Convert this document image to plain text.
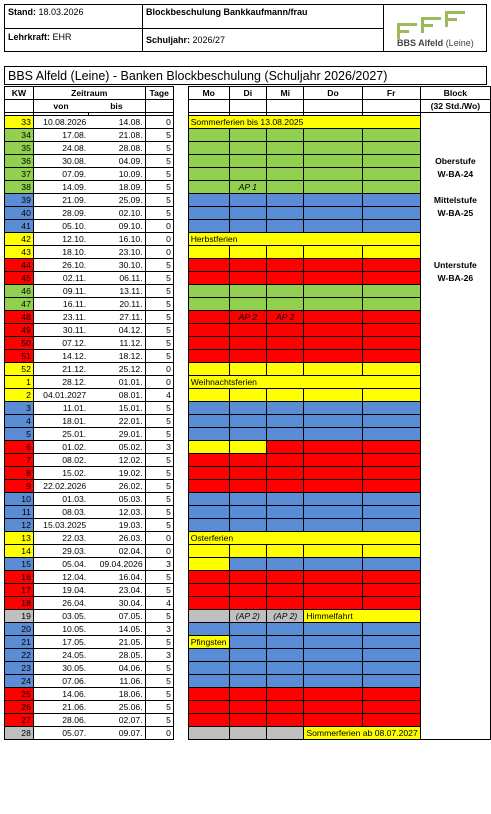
Stand: 18.03.2026	Blockbeschulung Bankkaufmann/frau
Lehrkraft: EHR	Schuljahr: 2026/27	BBS Alfeld (Leine)
BBS Alfeld (Leine) - Banken Blockbeschulung (Schuljahr 2026/2027)
KW	Zeitraum		Tage		Mo	Di	Mi	Do	Fr	Block
	von	bis								(32 Std./Wo)

33	10.08.2026	14.08.	0		Sommerferien bis 13.08.2025					
34	17.08.	21.08.	5							
35	24.08.	28.08.	5							
36	30.08.	04.09.	5							Oberstufe
37	07.09.	10.09.	5							W-BA-24
38	14.09.	18.09.	5			AP 1				
39	21.09.	25.09.	5							Mittelstufe
40	28.09.	02.10.	5							W-BA-25
41	05.10.	09.10.	0							
42	12.10.	16.10.	0		Herbstferien					
43	18.10.	23.10.	0							
44	26.10.	30.10.	5							Unterstufe
45	02.11.	06.11.	5							W-BA-26
46	09.11.	13.11.	5							
47	16.11.	20.11.	5							
48	23.11.	27.11.	5			AP 2	AP 2			
49	30.11.	04.12.	5							
50	07.12.	11.12.	5							
51	14.12.	18.12.	5							
52	21.12.	25.12.	0							
1	28.12.	01.01.	0		Weihnachtsferien					
2	04.01.2027	08.01.	4							
3	11.01.	15.01.	5							
4	18.01.	22.01.	5							
5	25.01.	29.01.	5							
6	01.02.	05.02.	3							
7	08.02.	12.02.	5							
8	15.02.	19.02.	5							
9	22.02.2026	26.02.	5							
10	01.03.	05.03.	5							
11	08.03.	12.03.	5							
12	15.03.2025	19.03.	5							
13	22.03.	26.03.	0		Osterferien					
14	29.03.	02.04.	0							
15	05.04.	09.04.2026	3							
16	12.04.	16.04.	5							
17	19.04.	23.04.	5							
18	26.04.	30.04.	4							
19	03.05.	07.05.	5			(AP 2)	(AP 2)	Himmelfahrt		
20	10.05.	14.05.	3							
21	17.05.	21.05.	5		Pfingsten					
22	24.05.	28.05.	3							
23	30.05.	04.06.	5							
24	07.06.	11.06.	5							
25	14.06.	18.06.	5							
26	21.06.	25.06.	5							
27	28.06.	02.07.	5							
28	05.07.	09.07.	0					Sommerferien ab 08.07.2027		
